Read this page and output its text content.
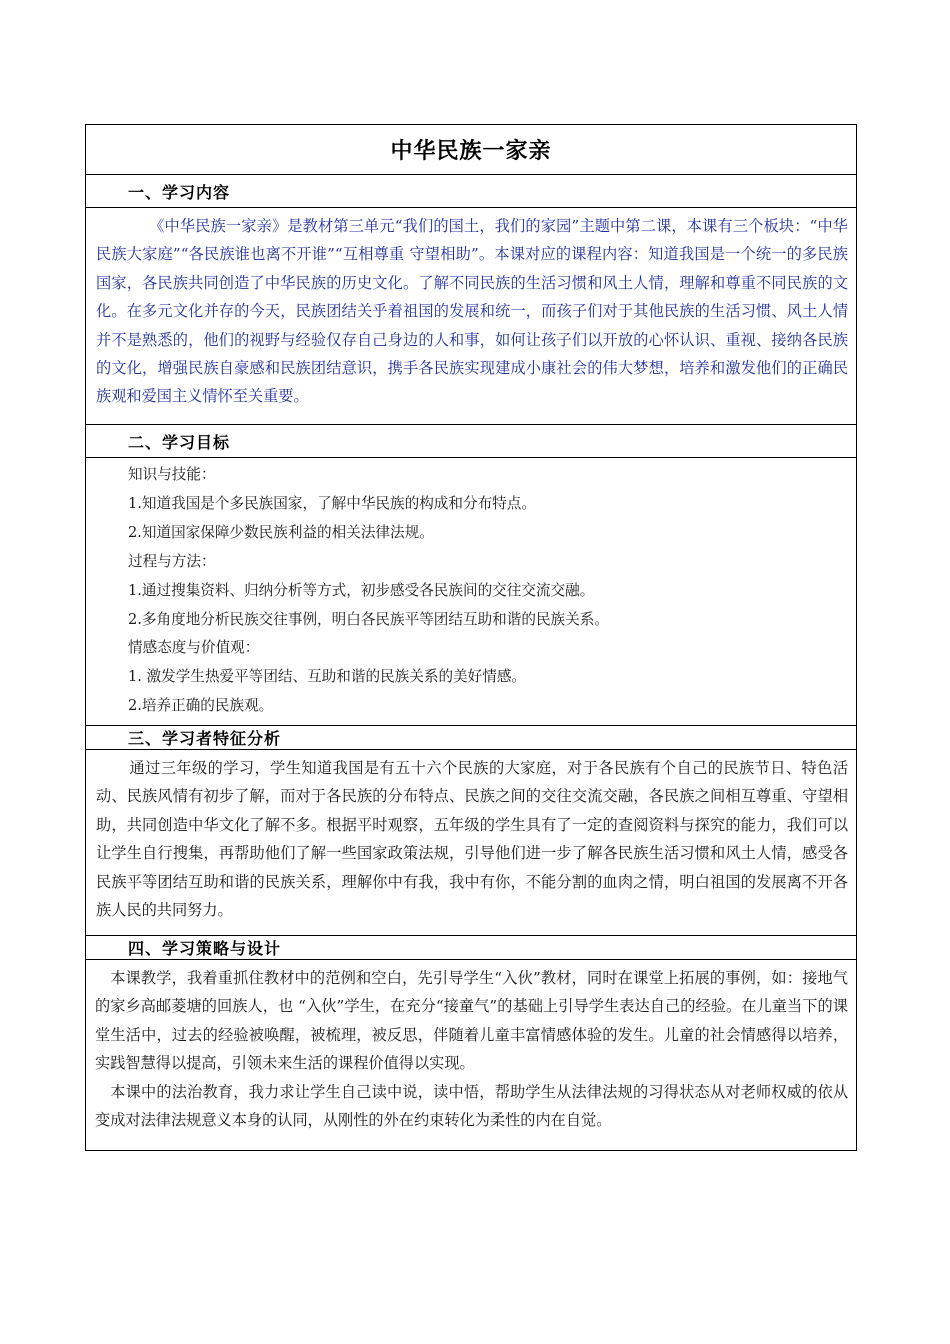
中华民族一家亲
一、学习内容

《中华民族一家亲》是教材第三单元“我们的国土，我们的家园”主题中第二课，本课有三个板块：“中华民族大家庭”“各民族谁也离不开谁”“互相尊重 守望相助”。本课对应的课程内容：知道我国是一个统一的多民族国家，各民族共同创造了中华民族的历史文化。了解不同民族的生活习惯和风土人情，理解和尊重不同民族的文化。在多元文化并存的今天，民族团结关乎着祖国的发展和统一，而孩子们对于其他民族的生活习惯、风土人情并不是熟悉的，他们的视野与经验仅存自己身边的人和事，如何让孩子们以开放的心怀认识、重视、接纳各民族的文化，增强民族自豪感和民族团结意识，携手各民族实现建成小康社会的伟大梦想，培养和激发他们的正确民族观和爱国主义情怀至关重要。

二、学习目标

知识与技能：

1.知道我国是个多民族国家，了解中华民族的构成和分布特点。

2.知道国家保障少数民族利益的相关法律法规。

过程与方法：

1.通过搜集资料、归纳分析等方式，初步感受各民族间的交往交流交融。

2.多角度地分析民族交往事例，明白各民族平等团结互助和谐的民族关系。

情感态度与价值观：

1. 激发学生热爱平等团结、互助和谐的民族关系的美好情感。

2.培养正确的民族观。

三、学习者特征分析

通过三年级的学习，学生知道我国是有五十六个民族的大家庭，对于各民族有个自己的民族节日、特色活动、民族风情有初步了解，而对于各民族的分布特点、民族之间的交往交流交融，各民族之间相互尊重、守望相助，共同创造中华文化了解不多。根据平时观察，五年级的学生具有了一定的查阅资料与探究的能力，我们可以让学生自行搜集，再帮助他们了解一些国家政策法规，引导他们进一步了解各民族生活习惯和风土人情，感受各民族平等团结互助和谐的民族关系，理解你中有我，我中有你，不能分割的血肉之情，明白祖国的发展离不开各族人民的共同努力。

四、学习策略与设计

本课教学，我着重抓住教材中的范例和空白，先引导学生“入伙”教材，同时在课堂上拓展的事例，如：接地气的家乡高邮菱塘的回族人，也 “入伙”学生，在充分“接童气”的基础上引导学生表达自己的经验。在儿童当下的课堂生活中，过去的经验被唤醒，被梳理，被反思，伴随着儿童丰富情感体验的发生。儿童的社会情感得以培养，实践智慧得以提高，引领未来生活的课程价值得以实现。

本课中的法治教育，我力求让学生自己读中说，读中悟，帮助学生从法律法规的习得状态从对老师权威的依从变成对法律法规意义本身的认同，从刚性的外在约束转化为柔性的内在自觉。
